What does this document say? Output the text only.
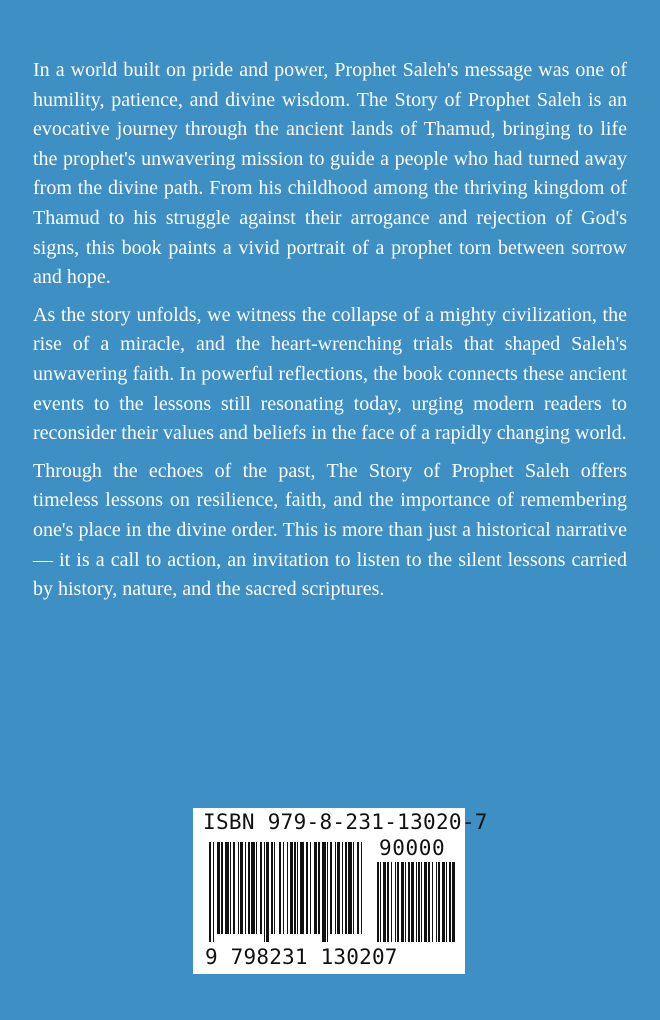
In a world built on pride and power, Prophet Saleh's message was one of humility, patience, and divine wisdom. The Story of Prophet Saleh is an evocative journey through the ancient lands of Thamud, bringing to life the prophet's unwavering mission to guide a people who had turned away from the divine path. From his childhood among the thriving kingdom of Thamud to his struggle against their arrogance and rejection of God's signs, this book paints a vivid portrait of a prophet torn between sorrow and hope.

As the story unfolds, we witness the collapse of a mighty civilization, the rise of a miracle, and the heart-wrenching trials that shaped Saleh's unwavering faith. In powerful reflections, the book connects these ancient events to the lessons still resonating today, urging modern readers to reconsider their values and beliefs in the face of a rapidly changing world.

Through the echoes of the past, The Story of Prophet Saleh offers timeless lessons on resilience, faith, and the importance of remembering one's place in the divine order. This is more than just a historical narrative — it is a call to action, an invitation to listen to the silent lessons carried by history, nature, and the sacred scriptures.

ISBN 979-8-231-13020-7
90000
9 798231 130207
